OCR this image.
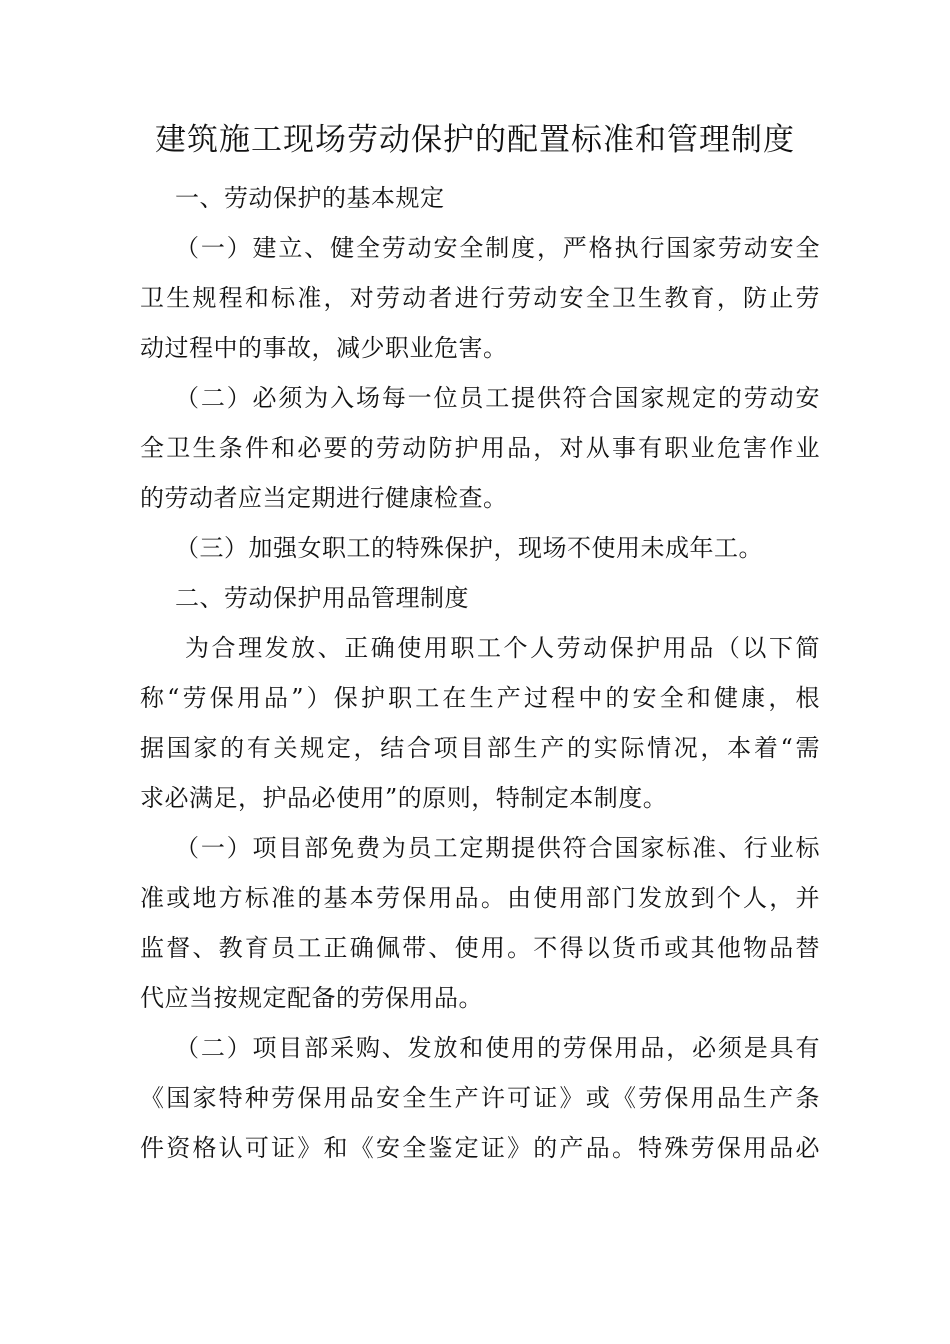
建筑施工现场劳动保护的配置标准和管理制度
一、劳动保护的基本规定
（一）建立、健全劳动安全制度，严格执行国家劳动安全
卫生规程和标准，对劳动者进行劳动安全卫生教育，防止劳
动过程中的事故，减少职业危害。
（二）必须为入场每一位员工提供符合国家规定的劳动安
全卫生条件和必要的劳动防护用品，对从事有职业危害作业
的劳动者应当定期进行健康检查。
（三）加强女职工的特殊保护，现场不使用未成年工。
二、劳动保护用品管理制度
为合理发放、正确使用职工个人劳动保护用品（以下简
称“劳保用品”）保护职工在生产过程中的安全和健康，根
据国家的有关规定，结合项目部生产的实际情况，本着“需
求必满足，护品必使用”的原则，特制定本制度。
（一）项目部免费为员工定期提供符合国家标准、行业标
准或地方标准的基本劳保用品。由使用部门发放到个人，并
监督、教育员工正确佩带、使用。不得以货币或其他物品替
代应当按规定配备的劳保用品。
（二）项目部采购、发放和使用的劳保用品，必须是具有
《国家特种劳保用品安全生产许可证》或《劳保用品生产条
件资格认可证》和《安全鉴定证》的产品。特殊劳保用品必
